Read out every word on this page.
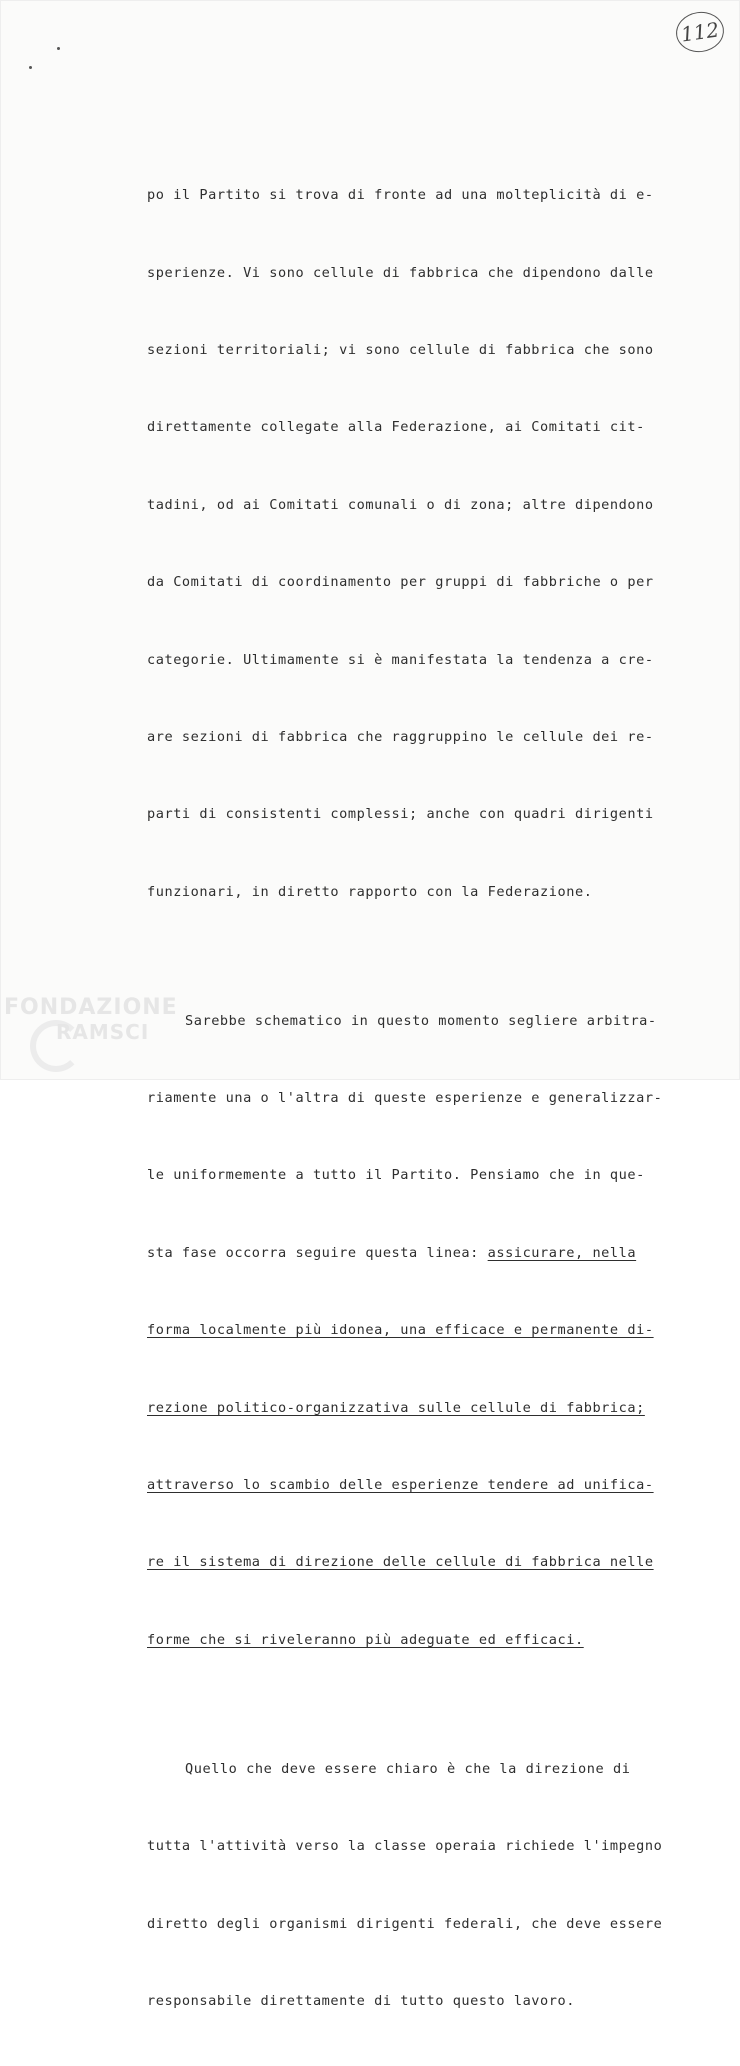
112

po il Partito si trova di fronte ad una molteplicità di e-

sperienze. Vi sono cellule di fabbrica che dipendono dalle

sezioni territoriali; vi sono cellule di fabbrica che sono

direttamente collegate alla Federazione, ai Comitati cit-

tadini, od ai Comitati comunali o di zona; altre dipendono

da Comitati di coordinamento per gruppi di fabbriche o per

categorie. Ultimamente si è manifestata la tendenza a cre-

are sezioni di fabbrica che raggruppino le cellule dei re-

parti di consistenti complessi; anche con quadri dirigenti

funzionari, in diretto rapporto con la Federazione.

Sarebbe schematico in questo momento segliere arbitra-

riamente una o l'altra di queste esperienze e generalizzar-

le uniformemente a tutto il Partito. Pensiamo che in que-

sta fase occorra seguire questa linea: assicurare, nella

forma localmente più idonea, una efficace e permanente di-

rezione politico-organizzativa sulle cellule di fabbrica;

attraverso lo scambio delle esperienze tendere ad unifica-

re il sistema di direzione delle cellule di fabbrica nelle

forme che si riveleranno più adeguate ed efficaci.

Quello che deve essere chiaro è che la direzione di

tutta l'attività verso la classe operaia richiede l'impegno

diretto degli organismi dirigenti federali, che deve essere

responsabile direttamente di tutto questo lavoro.

FONDAZIONE
RAMSCI
